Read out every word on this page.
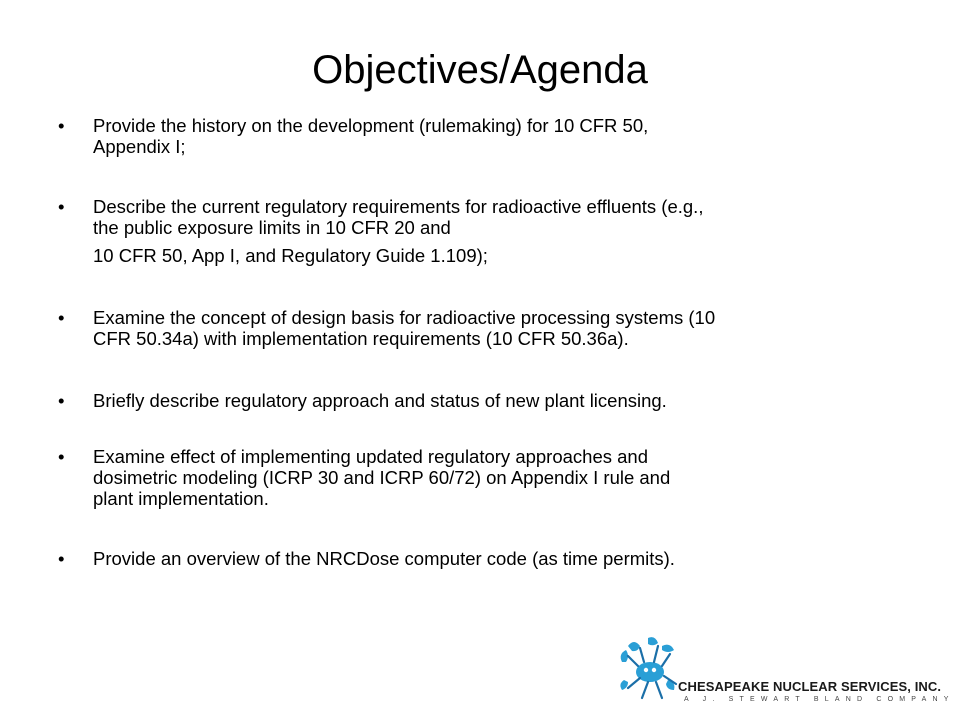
Objectives/Agenda
• Provide the history on the development (rulemaking) for 10 CFR 50,
Appendix I;
• Describe the current regulatory requirements for radioactive effluents (e.g.,
the public exposure limits in 10 CFR 20 and
10 CFR 50, App I, and Regulatory Guide 1.109);
• Examine the concept of design basis for radioactive processing systems (10
CFR 50.34a) with implementation requirements (10 CFR 50.36a).
• Briefly describe regulatory approach and status of new plant licensing.
• Examine effect of implementing updated regulatory approaches and
dosimetric modeling (ICRP 30 and ICRP 60/72) on Appendix I rule and
plant implementation.
• Provide an overview of the NRCDose computer code (as time permits).
CHESAPEAKE NUCLEAR SERVICES, INC.
A J. STEWART BLAND COMPANY
